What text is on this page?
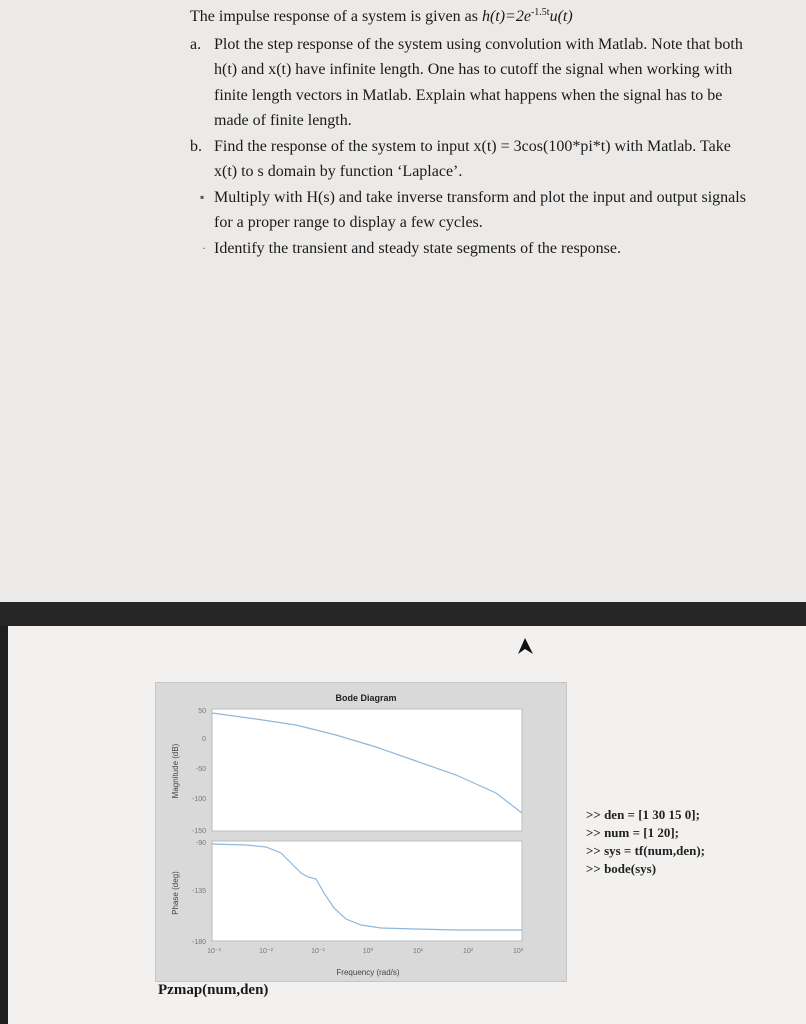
The impulse response of a system is given as $h(t)=2e^{-1.5t}u(t)$

a. Plot the step response of the system using convolution with Matlab. Note that both h(t) and x(t) have infinite length. One has to cutoff the signal when working with finite length vectors in Matlab. Explain what happens when the signal has to be made of finite length.

b. Find the response of the system to input x(t) = 3cos(100*pi*t) with Matlab. Take x(t) to s domain by function ‘Laplace’.

▪ Multiply with H(s) and take inverse transform and plot the input and output signals for a proper range to display a few cycles.

· Identify the transient and steady state segments of the response.

Bode Diagram
Magnitude (dB)
Phase (deg)
Frequency (rad/s)
50
0
-50
-100
-150
-90
-135
-180
10⁻³	10⁻²	10⁻¹	10⁰	10¹	10²	10³
Pzmap(num,den)
>> den = [1 30 15 0];
>> num = [1 20];
>> sys = tf(num,den);
>> bode(sys)
